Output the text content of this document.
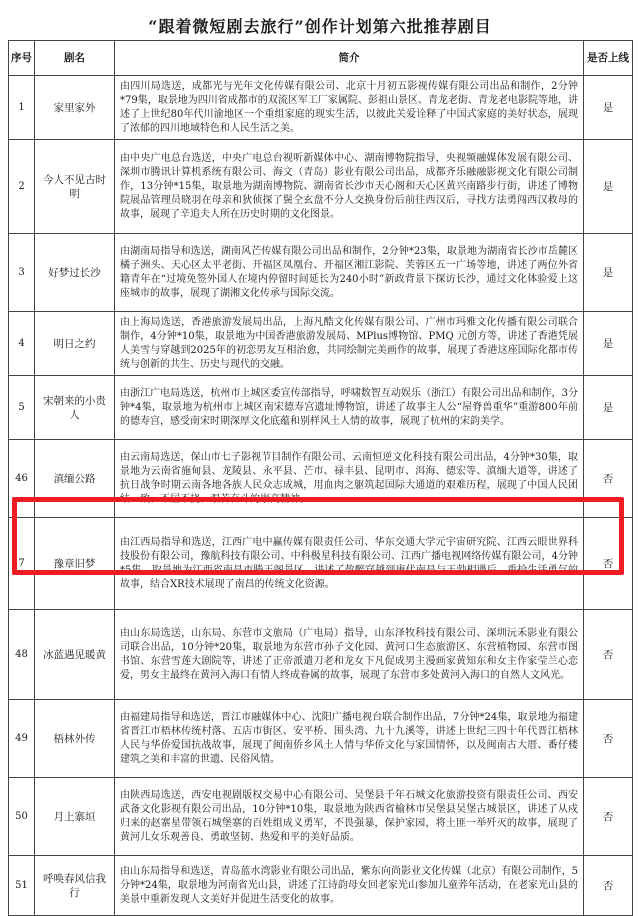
“跟着微短剧去旅行”创作计划第六批推荐剧目
序号	剧名	简介	是否上线
1	家里家外	由四川局选送，成都光与光年文化传媒有限公司、北京十月初五影视传媒有限公司出品和制作，2分钟*79集，取景地为四川省成都市的双流区军工厂家属院、彭祖山景区、青龙老街、青龙老电影院等地，讲述了上世纪80年代川渝地区一个重组家庭的现实生活，以彼此关爱诠释了中国式家庭的美好状态，展现了浓郁的四川地域特色和人民生活之美。	是
2	今人不见古时明	由中央广电总台选送，中央广电总台视听新媒体中心、湖南博物院指导，央视频融媒体发展有限公司、深圳市腾讯计算机系统有限公司、海文（青岛）影业有限公司出品，成都齐乐融融影视文化有限公司制作，13分钟*15集，取景地为湖南博物院、湖南省长沙市天心阁和天心区黄兴南路步行街，讲述了博物院展品管理员晓羽在母亲和狄侦探了鬓仝玄盘不分人交换身份后前往西汉后，寻找方法勇闯西汉救母的故事，展现了辛追夫人所在历史时期的文化图景。	是
3	好梦过长沙	由湖南局指导和选送，湖南风芒传媒有限公司出品和制作，2分钟*23集，取景地为湖南省长沙市岳麓区橘子洲头、天心区太平老街、开福区凤凰台、开福区湘江影院、芙蓉区五一广场等地，讲述了两位外省籍青年在“过境免签外国人在境内停留时间延长为240小时”新政背景下探访长沙，通过文化体验爱上这座城市的故事，展现了湖湘文化传承与国际交流。	是
4	明日之约	由上海局选送，香港旅游发展局出品，上海凡酷文化传媒有限公司、广州市玛雅文化传播有限公司联合制作，4分钟*10集，取景地为中国香港旅游发展局、MPlus博物馆、PMQ 元创方等，讲述了香港凭展人美雪与穿越到2025年的初恋男友互相治愈，共同绘制完美画作的故事，展现了香港这座国际化都市传统与创新的共生、历史与现代的交融。	是
5	宋朝来的小贵人	由浙江广电局选送，杭州市上城区委宣传部指导，呼啸数智互动娱乐（浙江）有限公司出品和制作，3分钟*4集，取景地为杭州市上城区南宋德寿宫遗址博物馆，讲述了故事主人公“屋脊兽重华”重游800年前的德寿宫，感受南宋时期深厚文化底蕴和别样风土人情的故事，展现了杭州的宋韵美学。	是
46	滇缅公路	由云南局选送，保山市七子影视节目制作有限公司、云南恒逆文化科技有限公司出品，4分钟*30集，取景地为云南省施甸县、龙陵县、永平县、芒市、禄丰县、昆明市、洱海、德宏等、滇缅大道等，讲述了抗日战争时期云南各地各族人民众志成城，用血肉之躯筑起国际大通道的艰难历程，展现了中国人民团结一致、不屈不挠、艰苦奋斗的崇高精神。	否
7	豫章旧梦	由江西局指导和选送，江西广电中赢传媒有限责任公司、华东交通大学元宇宙研究院、江西云眼世界科技股份有限公司，豫航科技有限公司、中科极星科技有限公司、江西广播电视网络传媒有限公司，4分钟*5集，取景地为江西省南昌市滕王阁景区，讲述了敖醉穿越到唐代南昌与王勃相遇后，重拾生活勇气的故事，结合XR技术展现了南昌的传统文化资源。	否
48	冰蓝遇见暖黄	由山东局选送，山东局、东营市文旅局（广电局）指导，山东泽牧科技有限公司、深圳沅禾影业有限公司联合出品，10分钟*20集，取景地为东营市孙子文化园、黄河口生态旅游区、东营植物园、东营市图书馆、东营雪莲大剧院等，讲述了正帝派遣刀老和龙女下凡促成男主漫画家黄知东和女主作家莹兰心恋爱，男女主最终在黄河入海口有情人终成眷属的故事，展现了东营市多处黄河入海口的自然人文风光。	否
49	梧林外传	由福建局指导和选送，晋江市融媒体中心、沈阳广播电视台联合制作出品，7分钟*24集，取景地为福建省晋江市梧林传统村落、五店市街区、安平桥、围头湾、九十九溪等，讲述上世纪三四十年代晋江梧林人民与华侨爱国抗战故事，展现了闽南侨乡风土人情与华侨文化与家国情怀，以及闽南古大厝、番仔楼建筑之美和丰富的世遗、民俗风情。	否
50	月上寨垣	由陕西局选送，西安电视剧版权交易中心有限公司、吴堡县千年石城文化旅游投资有限责任公司、西安武备文化影视有限公司出品，10分钟*10集，取景地为陕西省榆林市吴堡县吴堡古城景区，讲述了从戍归来的赵寨星带领石城堡寨的百姓组成义勇军，不畏强暴，保护家园，将土匪一举歼灭的故事，展现了黄河儿女乐观善良、勇敢坚韧、热爱和平的美好品质。	否
51	呼唤春风信我行	由山东局指导和选送，青岛蓝水湾影业有限公司出品，紫东向尚影业文化传媒（北京）有限公司制作，5分钟*24集，取景地为河南省光山县，讲述了江诗韵母女回老家光山参加儿童荞年活动，在老家光山县的美景中重新发现人文美好并促进生活变化的故事。	否
